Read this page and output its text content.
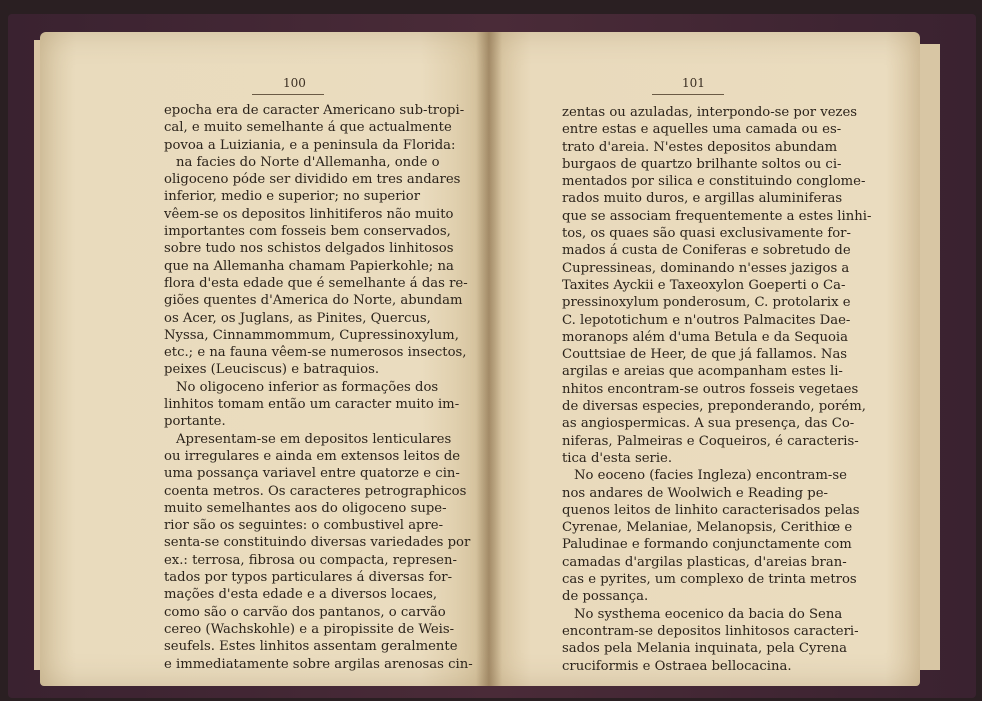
100	101
epocha era de caracter Americano sub-tropi-
cal, e muito semelhante á que actualmente
povoa a Luiziania, e a peninsula da Florida:
na facies do Norte d'Allemanha, onde o
oligoceno póde ser dividido em tres andares
inferior, medio e superior; no superior
vêem-se os depositos linhitiferos não muito
importantes com fosseis bem conservados,
sobre tudo nos schistos delgados linhitosos
que na Allemanha chamam Papierkohle; na
flora d'esta edade que é semelhante á das re-
giões quentes d'America do Norte, abundam
os Acer, os Juglans, as Pinites, Quercus,
Nyssa, Cinnammommum, Cupressinoxylum,
etc.; e na fauna vêem-se numerosos insectos,
peixes (Leuciscus) e batraquios.
No oligoceno inferior as formações dos
linhitos tomam então um caracter muito im-
portante.
Apresentam-se em depositos lenticulares
ou irregulares e ainda em extensos leitos de
uma possança variavel entre quatorze e cin-
coenta metros. Os caracteres petrographicos
muito semelhantes aos do oligoceno supe-
rior são os seguintes: o combustivel apre-
senta-se constituindo diversas variedades por
ex.: terrosa, fibrosa ou compacta, represen-
tados por typos particulares á diversas for-
mações d'esta edade e a diversos locaes,
como são o carvão dos pantanos, o carvão
cereo (Wachskohle) e a piropissite de Weis-
seufels. Estes linhitos assentam geralmente
e immediatamente sobre argilas arenosas cin-
zentas ou azuladas, interpondo-se por vezes
entre estas e aquelles uma camada ou es-
trato d'areia. N'estes depositos abundam
burgaos de quartzo brilhante soltos ou ci-
mentados por silica e constituindo conglome-
rados muito duros, e argillas aluminiferas
que se associam frequentemente a estes linhi-
tos, os quaes são quasi exclusivamente for-
mados á custa de Coniferas e sobretudo de
Cupressineas, dominando n'esses jazigos a
Taxites Ayckii e Taxeoxylon Goeperti o Ca-
pressinoxylum ponderosum, C. protolarix e
C. lepototichum e n'outros Palmacites Dae-
moranops além d'uma Betula e da Sequoia
Couttsiae de Heer, de que já fallamos. Nas
argilas e areias que acompanham estes li-
nhitos encontram-se outros fosseis vegetaes
de diversas especies, preponderando, porém,
as angiospermicas. A sua presença, das Co-
niferas, Palmeiras e Coqueiros, é caracteris-
tica d'esta serie.
No eoceno (facies Ingleza) encontram-se
nos andares de Woolwich e Reading pe-
quenos leitos de linhito caracterisados pelas
Cyrenae, Melaniae, Melanopsis, Cerithiœ e
Paludinae e formando conjunctamente com
camadas d'argilas plasticas, d'areias bran-
cas e pyrites, um complexo de trinta metros
de possança.
No systhema eocenico da bacia do Sena
encontram-se depositos linhitosos caracteri-
sados pela Melania inquinata, pela Cyrena
cruciformis e Ostraea bellocacina.
